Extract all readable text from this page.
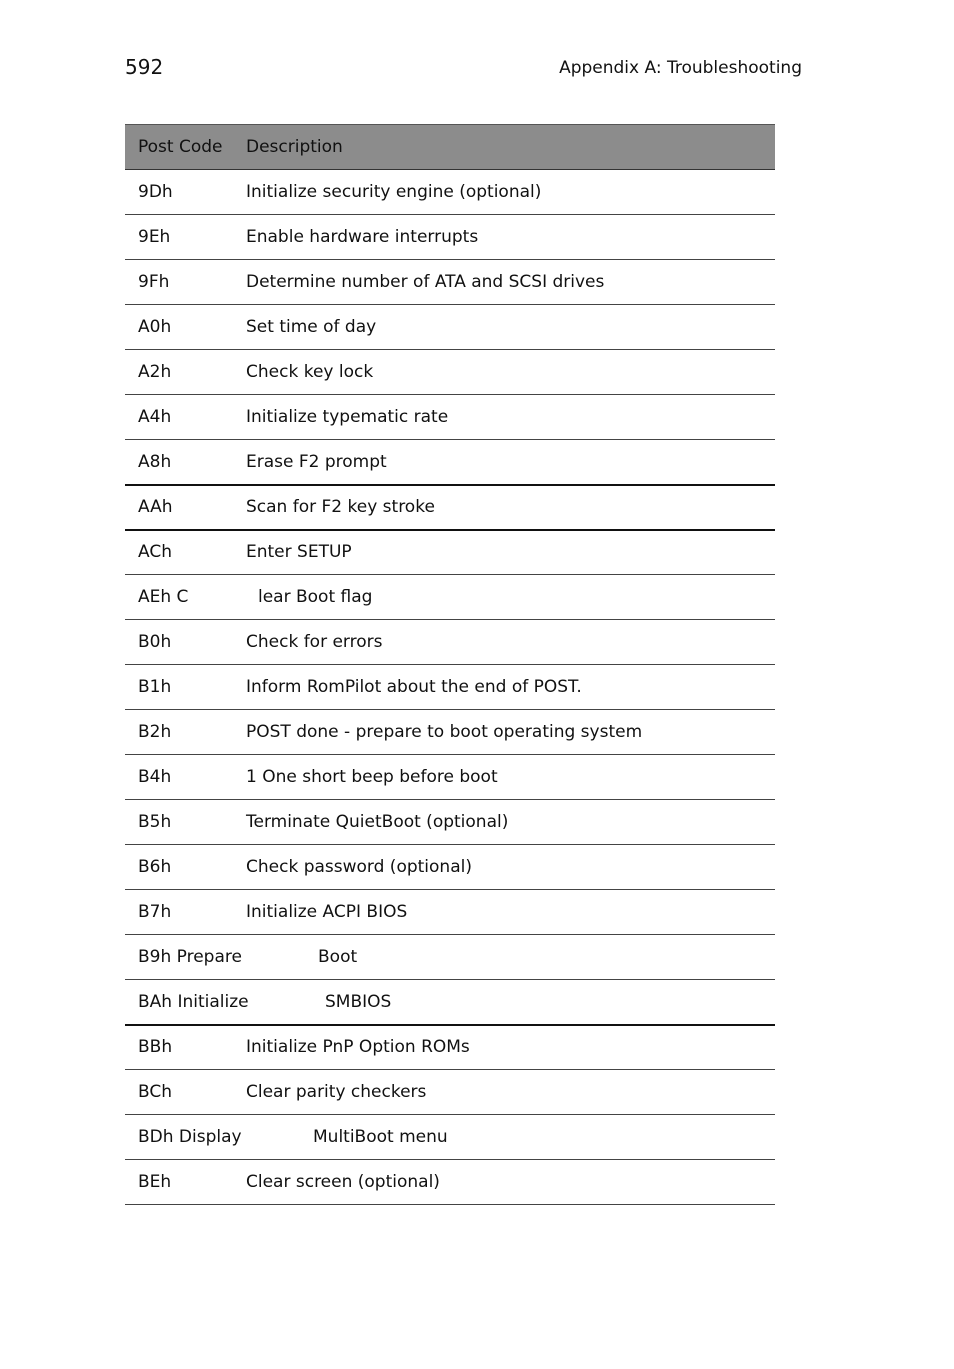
592	Appendix A: Troubleshooting
Post Code	Description
9Dh	Initialize security engine (optional)
9Eh	Enable hardware interrupts
9Fh	Determine number of ATA and SCSI drives
A0h	Set time of day
A2h	Check key lock
A4h	Initialize typematic rate
A8h	Erase F2 prompt
AAh	Scan for F2 key stroke
ACh	Enter SETUP
AEh C	lear Boot flag
B0h	Check for errors
B1h	Inform RomPilot about the end of POST.
B2h	POST done - prepare to boot operating system
B4h	1 One short beep before boot
B5h	Terminate QuietBoot (optional)
B6h	Check password (optional)
B7h	Initialize ACPI BIOS
B9h Prepare	Boot
BAh Initialize	SMBIOS
BBh	Initialize PnP Option ROMs
BCh	Clear parity checkers
BDh Display	MultiBoot menu
BEh	Clear screen (optional)
